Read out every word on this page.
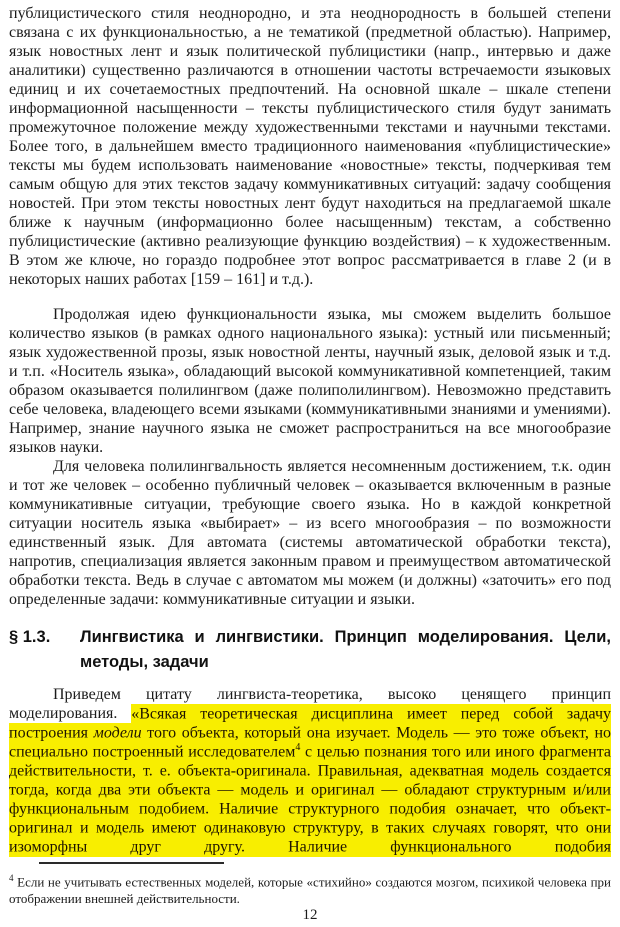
публицистического стиля неоднородно, и эта неоднородность в большей степени связана с их функциональностью, а не тематикой (предметной областью). Например, язык новостных лент и язык политической публицистики (напр., интервью и даже аналитики) существенно различаются в отношении частоты встречаемости языковых единиц и их сочетаемостных предпочтений. На основной шкале – шкале степени информационной насыщенности – тексты публицистического стиля будут занимать промежуточное положение между художественными текстами и научными текстами. Более того, в дальнейшем вместо традиционного наименования «публицистические» тексты мы будем использовать наименование «новостные» тексты, подчеркивая тем самым общую для этих текстов задачу коммуникативных ситуаций: задачу сообщения новостей. При этом тексты новостных лент будут находиться на предлагаемой шкале ближе к научным (информационно более насыщенным) текстам, а собственно публицистические (активно реализующие функцию воздействия) – к художественным. В этом же ключе, но гораздо подробнее этот вопрос рассматривается в главе 2 (и в некоторых наших работах [159 – 161] и т.д.).

Продолжая идею функциональности языка, мы сможем выделить большое количество языков (в рамках одного национального языка): устный или письменный; язык художественной прозы, язык новостной ленты, научный язык, деловой язык и т.д. и т.п. «Носитель языка», обладающий высокой коммуникативной компетенцией, таким образом оказывается полилингвом (даже полиполилингвом). Невозможно представить себе человека, владеющего всеми языками (коммуникативными знаниями и умениями). Например, знание научного языка не сможет распространиться на все многообразие языков науки.

Для человека полилингвальность является несомненным достижением, т.к. один и тот же человек – особенно публичный человек – оказывается включенным в разные коммуникативные ситуации, требующие своего языка. Но в каждой конкретной ситуации носитель языка «выбирает» – из всего многообразия – по возможности единственный язык. Для автомата (системы автоматической обработки текста), напротив, специализация является законным правом и преимуществом автоматической обработки текста. Ведь в случае с автоматом мы можем (и должны) «заточить» его под определенные задачи: коммуникативные ситуации и языки.

§ 1.3.	Лингвистика и лингвистики. Принцип моделирования. Цели, методы, задачи

Приведем цитату лингвиста-теоретика, высоко ценящего принцип моделирования. «Всякая теоретическая дисциплина имеет перед собой задачу построения модели того объекта, который она изучает. Модель — это тоже объект, но специально построенный исследователем$^4$ с целью познания того или иного фрагмента действительности, т. е. объекта-оригинала. Правильная, адекватная модель создается тогда, когда два эти объекта — модель и оригинал — обладают структурным и/или функциональным подобием. Наличие структурного подобия означает, что объект-оригинал и модель имеют одинаковую структуру, в таких случаях говорят, что они изоморфны друг другу. Наличие функционального подобия

$^4$ Если не учитывать естественных моделей, которые «стихийно» создаются мозгом, психикой человека при отображении внешней действительности.

12
